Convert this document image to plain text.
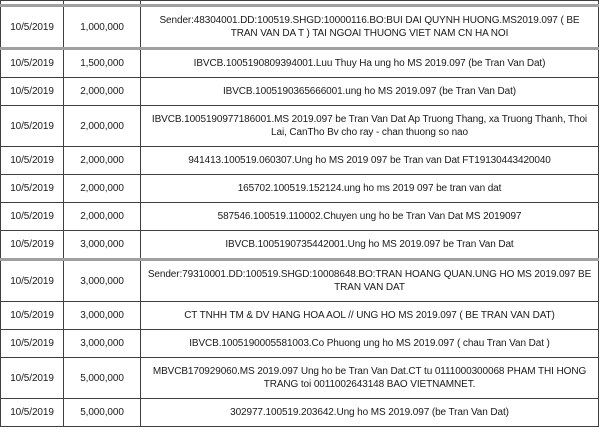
10/5/2019	1,000,000	Sender:48304001.DD:100519.SHGD:10000116.BO:BUI DAI QUYNH HUONG.MS2019.097 ( BE TRAN VAN DA T ) TAI NGOAI THUONG VIET NAM CN HA NOI
10/5/2019	1,500,000	IBVCB.1005190809394001.Luu Thuy Ha ung ho MS 2019.097 (be Tran Van Dat)
10/5/2019	2,000,000	IBVCB.1005190365666001.ung ho MS 2019.097 (be Tran Van Dat)
10/5/2019	2,000,000	IBVCB.1005190977186001.MS 2019.097 be Tran Van Dat Ap Truong Thang, xa Truong Thanh, Thoi Lai, CanTho Bv cho ray - chan thuong so nao
10/5/2019	2,000,000	941413.100519.060307.Ung ho MS 2019 097 be Tran van Dat FT19130443420040
10/5/2019	2,000,000	165702.100519.152124.ung ho ms 2019 097 be tran van dat
10/5/2019	2,000,000	587546.100519.110002.Chuyen ung ho be Tran Van Dat MS 2019097
10/5/2019	3,000,000	IBVCB.1005190735442001.Ung ho MS 2019.097 be Tran Van Dat
10/5/2019	3,000,000	Sender:79310001.DD:100519.SHGD:10008648.BO:TRAN HOANG QUAN.UNG HO MS 2019.097 BE TRAN VAN DAT
10/5/2019	3,000,000	CT TNHH TM & DV HANG HOA AOL // UNG HO MS 2019.097 ( BE TRAN VAN DAT)
10/5/2019	3,000,000	IBVCB.1005190005581003.Co Phuong ung ho MS 2019.097 ( chau Tran Van Dat )
10/5/2019	5,000,000	MBVCB170929060.MS 2019.097 Ung ho be Tran Van Dat.CT tu 0111000300068 PHAM THI HONG TRANG toi 0011002643148 BAO VIETNAMNET.
10/5/2019	5,000,000	302977.100519.203642.Ung ho MS 2019.097 (be Tran Van Dat)
